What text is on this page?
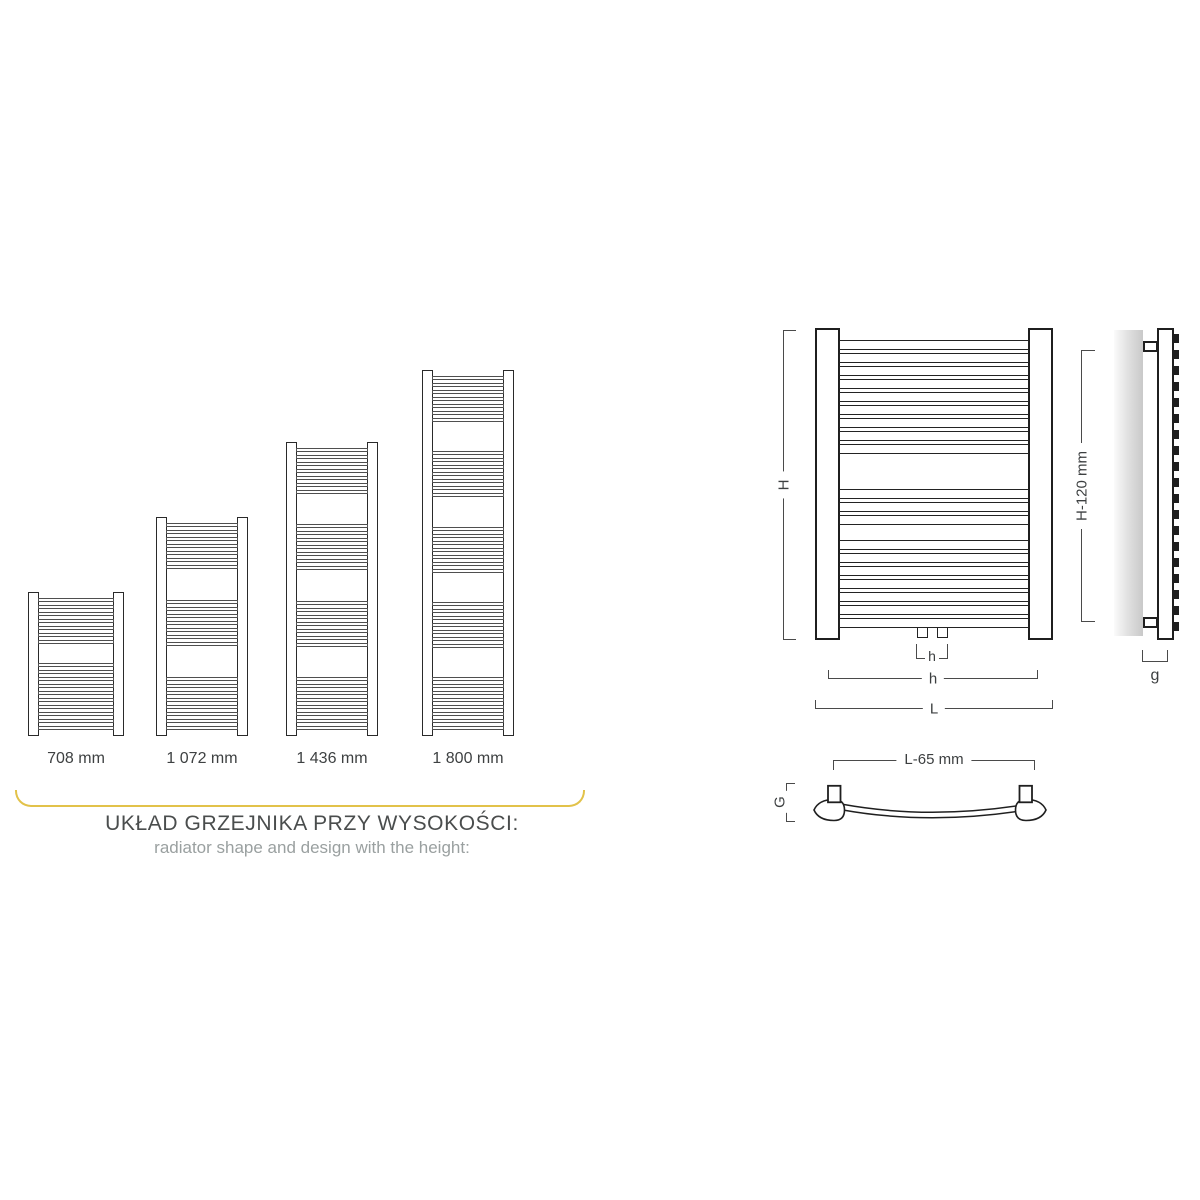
708 mm	1 072 mm	1 436 mm	1 800 mm
UKŁAD GRZEJNIKA PRZY WYSOKOŚCI:
radiator shape and design with the height:
H
h
h
L
H-120 mm
g
L-65 mm
G
